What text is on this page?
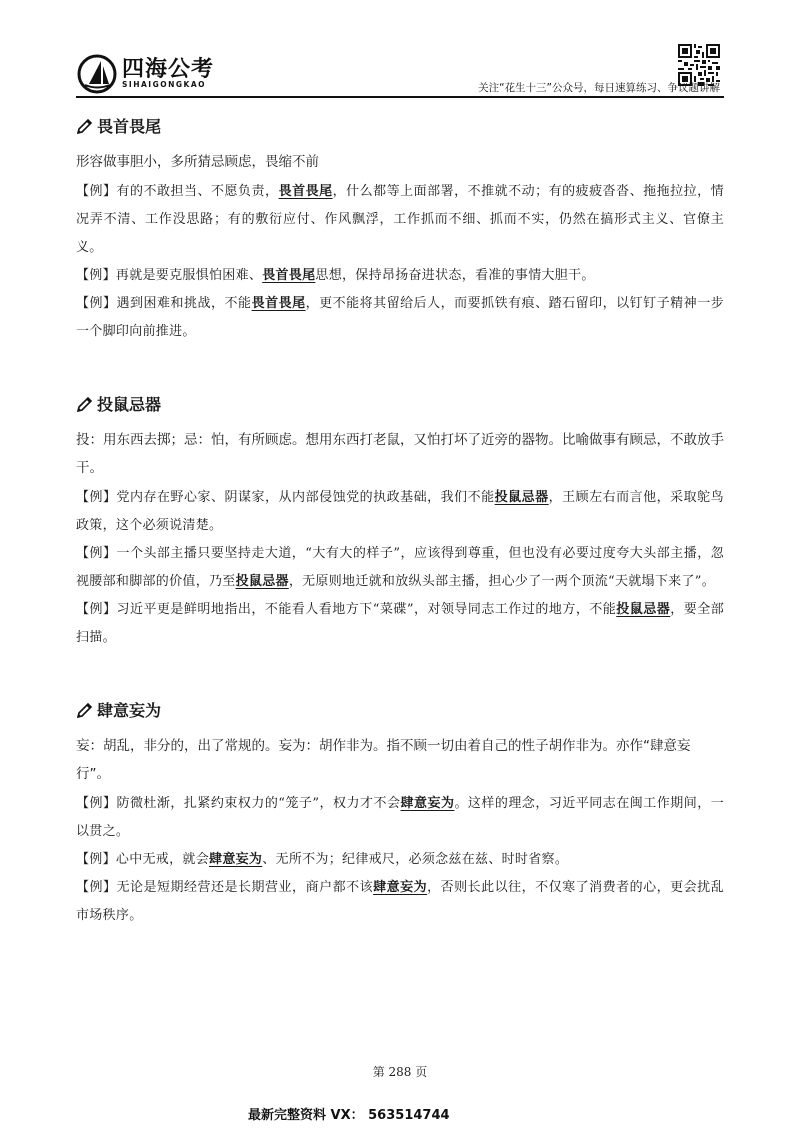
四海公考
SIHAIGONGKAO	关注“花生十三”公众号，每日速算练习、争议题讲解
畏首畏尾

形容做事胆小，多所猜忌顾虑，畏缩不前

【例】有的不敢担当、不愿负责，畏首畏尾，什么都等上面部署，不推就不动；有的疲疲沓沓、拖拖拉拉，情况弄不清、工作没思路；有的敷衍应付、作风飘浮，工作抓而不细、抓而不实，仍然在搞形式主义、官僚主义。

【例】再就是要克服惧怕困难、畏首畏尾思想，保持昂扬奋进状态，看准的事情大胆干。

【例】遇到困难和挑战，不能畏首畏尾，更不能将其留给后人，而要抓铁有痕、踏石留印，以钉钉子精神一步一个脚印向前推进。

投鼠忌器

投：用东西去掷；忌：怕，有所顾虑。想用东西打老鼠，又怕打坏了近旁的器物。比喻做事有顾忌，不敢放手干。

【例】党内存在野心家、阴谋家，从内部侵蚀党的执政基础，我们不能投鼠忌器，王顾左右而言他，采取鸵鸟政策，这个必须说清楚。

【例】一个头部主播只要坚持走大道，“大有大的样子”，应该得到尊重，但也没有必要过度夸大头部主播，忽视腰部和脚部的价值，乃至投鼠忌器，无原则地迁就和放纵头部主播，担心少了一两个顶流“天就塌下来了”。

【例】习近平更是鲜明地指出，不能看人看地方下“菜碟”，对领导同志工作过的地方，不能投鼠忌器，要全部扫描。

肆意妄为

妄：胡乱，非分的，出了常规的。妄为：胡作非为。指不顾一切由着自己的性子胡作非为。亦作“肆意妄行”。

【例】防微杜渐，扎紧约束权力的“笼子”，权力才不会肆意妄为。这样的理念，习近平同志在闽工作期间，一以贯之。

【例】心中无戒，就会肆意妄为、无所不为；纪律戒尺，必须念兹在兹、时时省察。

【例】无论是短期经营还是长期营业，商户都不该肆意妄为，否则长此以往，不仅寒了消费者的心，更会扰乱市场秩序。

第 288 页
最新完整资料 VX： 563514744
